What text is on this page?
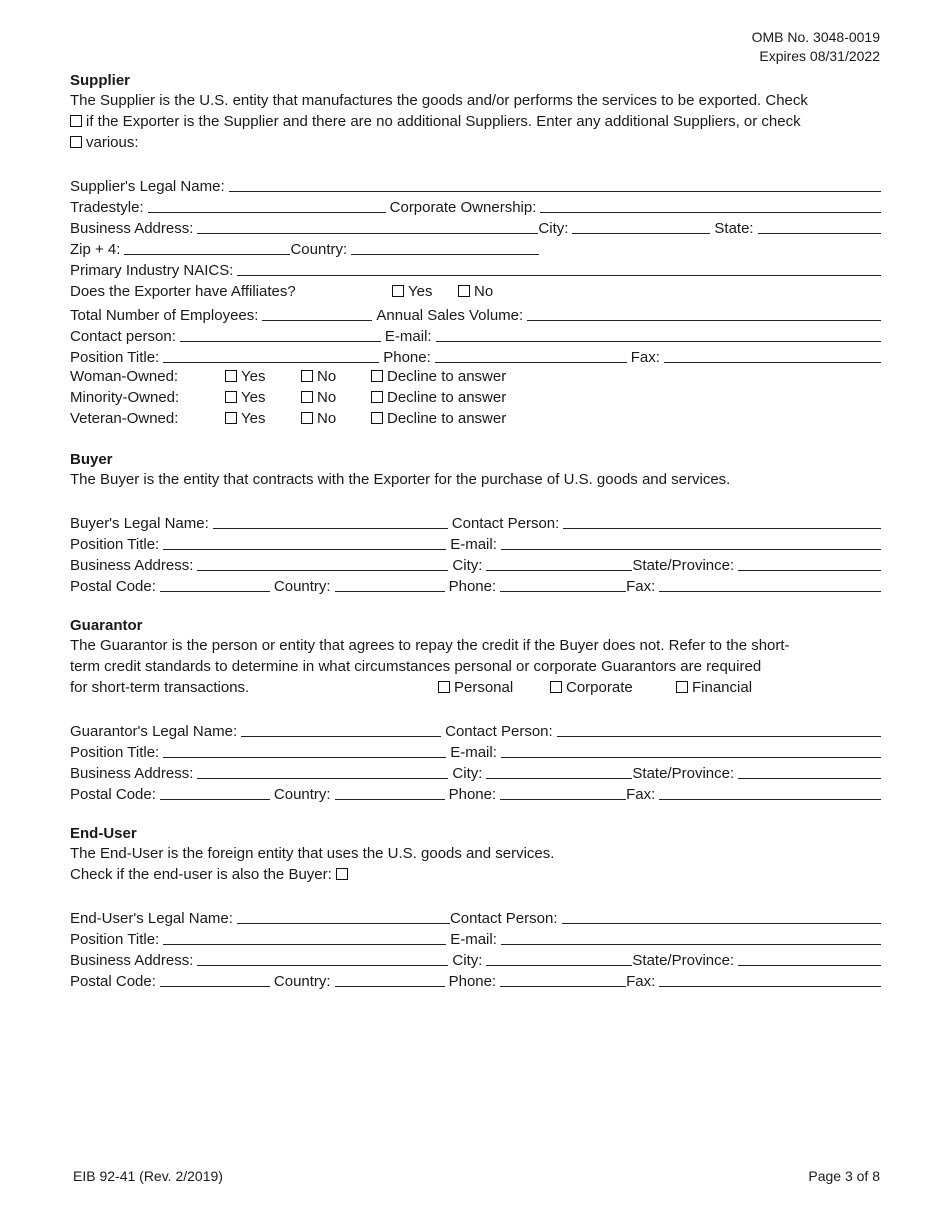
OMB No. 3048-0019
Expires 08/31/2022
Supplier
The Supplier is the U.S. entity that manufactures the goods and/or performs the services to be exported. Check
if the Exporter is the Supplier and there are no additional Suppliers. Enter any additional Suppliers, or check
various:
Supplier's Legal Name:
Tradestyle:	Corporate Ownership:
Business Address:	City:	State:
Zip + 4:	Country:
Primary Industry NAICS:
Does the Exporter have Affiliates?	Yes	No
Total Number of Employees:	Annual Sales Volume:
Contact person:	E-mail:
Position Title:	Phone:	Fax:
Woman-Owned:	Yes	No	Decline to answer
Minority-Owned:	Yes	No	Decline to answer
Veteran-Owned:	Yes	No	Decline to answer
Buyer
The Buyer is the entity that contracts with the Exporter for the purchase of U.S. goods and services.
Buyer's Legal Name:	Contact Person:
Position Title:	E-mail:
Business Address:	City:	State/Province:
Postal Code:	Country:	Phone:	Fax:
Guarantor
The Guarantor is the person or entity that agrees to repay the credit if the Buyer does not. Refer to the short-
term credit standards to determine in what circumstances personal or corporate Guarantors are required
for short-term transactions.	Personal	Corporate	Financial
Guarantor's Legal Name:	Contact Person:
Position Title:	E-mail:
Business Address:	City:	State/Province:
Postal Code:	Country:	Phone:	Fax:
End-User
The End-User is the foreign entity that uses the U.S. goods and services.
Check if the end-user is also the Buyer:
End-User's Legal Name:	Contact Person:
Position Title:	E-mail:
Business Address:	City:	State/Province:
Postal Code:	Country:	Phone:	Fax:
EIB 92-41 (Rev. 2/2019)	Page 3 of 8
